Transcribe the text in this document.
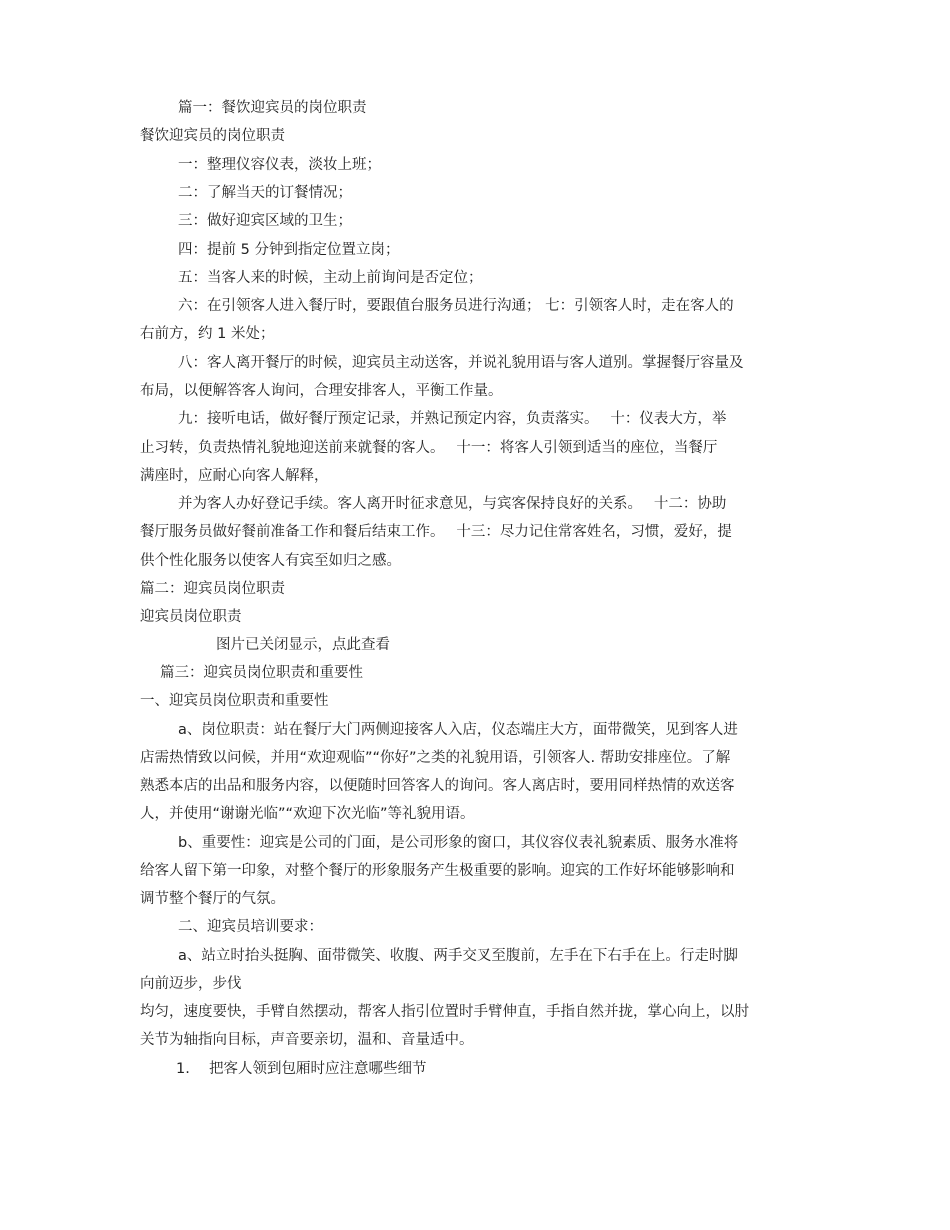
篇一：餐饮迎宾员的岗位职责
餐饮迎宾员的岗位职责
一：整理仪容仪表，淡妆上班；
二：了解当天的订餐情况；
三：做好迎宾区域的卫生；
四：提前 5 分钟到指定位置立岗；
五：当客人来的时候，主动上前询问是否定位；
六：在引领客人进入餐厅时，要跟值台服务员进行沟通； 七：引领客人时，走在客人的
右前方，约 1 米处；
八：客人离开餐厅的时候，迎宾员主动送客，并说礼貌用语与客人道别。掌握餐厅容量及
布局，以便解答客人询问，合理安排客人，平衡工作量。
九：接听电话，做好餐厅预定记录，并熟记预定内容，负责落实。　 十：仪表大方，举
止习转，负责热情礼貌地迎送前来就餐的客人。　 十一：将客人引领到适当的座位，当餐厅
满座时，应耐心向客人解释，
并为客人办好登记手续。客人离开时征求意见，与宾客保持良好的关系。　 十二：协助
餐厅服务员做好餐前准备工作和餐后结束工作。　 十三：尽力记住常客姓名，习惯，爱好，提
供个性化服务以使客人有宾至如归之感。
篇二：迎宾员岗位职责
迎宾员岗位职责
图片已关闭显示，点此查看
篇三：迎宾员岗位职责和重要性
一、迎宾员岗位职责和重要性
a、岗位职责：站在餐厅大门两侧迎接客人入店，仪态端庄大方，面带微笑，见到客人进
店需热情致以问候，并用“欢迎观临”“你好”之类的礼貌用语，引领客人. 帮助安排座位。了解
熟悉本店的出品和服务内容，以便随时回答客人的询问。客人离店时，要用同样热情的欢送客
人，并使用“谢谢光临”“欢迎下次光临”等礼貌用语。
b、重要性：迎宾是公司的门面，是公司形象的窗口，其仪容仪表礼貌素质、服务水准将
给客人留下第一印象，对整个餐厅的形象服务产生极重要的影响。迎宾的工作好坏能够影响和
调节整个餐厅的气氛。
二、迎宾员培训要求：
a、站立时抬头挺胸、面带微笑、收腹、两手交叉至腹前，左手在下右手在上。行走时脚
向前迈步，步伐
均匀，速度要快，手臂自然摆动，帮客人指引位置时手臂伸直，手指自然并拢，掌心向上，以肘
关节为轴指向目标，声音要亲切，温和、音量适中。
1.　 把客人领到包厢时应注意哪些细节
